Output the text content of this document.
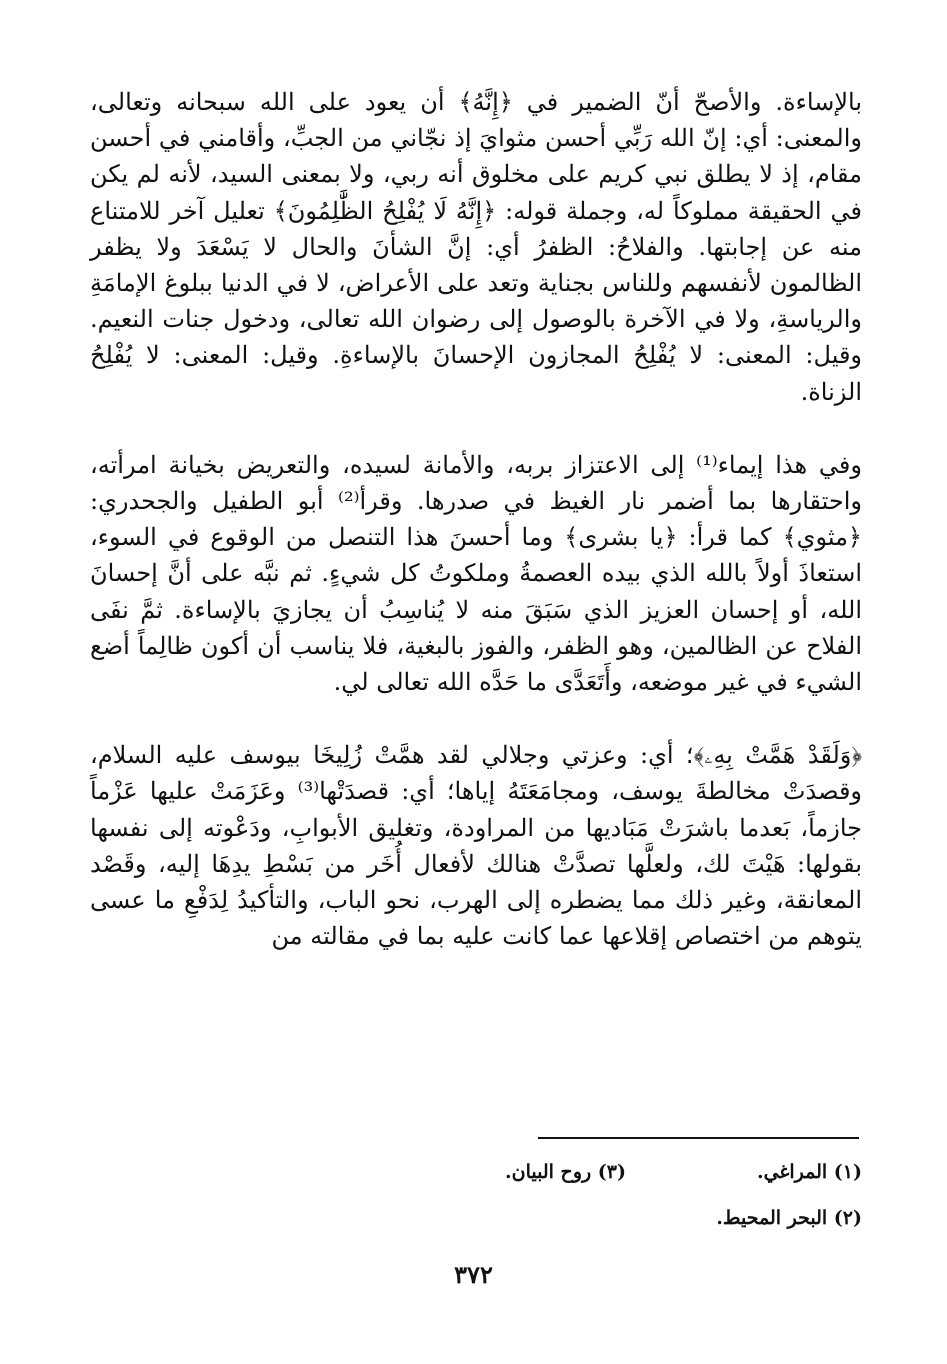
بالإساءة. والأصحّ أنّ الضمير في ﴿إِنَّهُ﴾ أن يعود على الله سبحانه وتعالى، والمعنى: أي: إنّ الله رَبِّي أحسن مثوايَ إذ نجّاني من الجبِّ، وأقامني في أحسن مقام، إذ لا يطلق نبي كريم على مخلوق أنه ربي، ولا بمعنى السيد، لأنه لم يكن في الحقيقة مملوكاً له، وجملة قوله: ﴿إِنَّهُ لَا يُفْلِحُ الظَّٰلِمُونَ﴾ تعليل آخر للامتناع منه عن إجابتها. والفلاحُ: الظفرُ أي: إنَّ الشأنَ والحال لا يَسْعَدَ ولا يظفر الظالمون لأنفسهم وللناس بجناية وتعد على الأعراض، لا في الدنيا ببلوغ الإمامَةِ والرياسةِ، ولا في الآخرة بالوصول إلى رضوان الله تعالى، ودخول جنات النعيم. وقيل: المعنى: لا يُفْلِحُ المجازون الإحسانَ بالإساءةِ. وقيل: المعنى: لا يُفْلِحُ الزناة.

وفي هذا إيماء⁽¹⁾ إلى الاعتزاز بربه، والأمانة لسيده، والتعريض بخيانة امرأته، واحتقارها بما أضمر نار الغيظ في صدرها. وقرأ⁽²⁾ أبو الطفيل والجحدري: ﴿مثوي﴾ كما قرأ: ﴿يا بشرى﴾ وما أحسنَ هذا التنصل من الوقوع في السوء، استعاذَ أولاً بالله الذي بيده العصمةُ وملكوتُ كل شيءٍ. ثم نبَّه على أنَّ إحسانَ الله، أو إحسان العزيز الذي سَبَقَ منه لا يُناسِبُ أن يجازيَ بالإساءة. ثمَّ نفَى الفلاح عن الظالمين، وهو الظفر، والفوز بالبغية، فلا يناسب أن أكون ظالِماً أضع الشيء في غير موضعه، وأَتَعَدَّى ما حَدَّه الله تعالى لي.

﴿وَلَقَدْ هَمَّتْ بِهِۦ﴾؛ أي: وعزتي وجلالي لقد همَّتْ زُلِيخَا بيوسف عليه السلام، وقصدَتْ مخالطةَ يوسف، ومجامَعَتَهُ إياها؛ أي: قصدَتْها⁽³⁾ وعَزَمَتْ عليها عَزْماً جازماً، بَعدما باشرَتْ مَبَاديها من المراودة، وتغليق الأبوابِ، ودَعْوته إلى نفسها بقولها: هَيْتَ لك، ولعلَّها تصدَّتْ هنالك لأفعال أُخَر من بَسْطِ يدِهَا إليه، وقَصْد المعانقة، وغير ذلك مما يضطره إلى الهرب، نحو الباب، والتأكيدُ لِدَفْعِ ما عسى يتوهم من اختصاص إقلاعها عما كانت عليه بما في مقالته من

(١) المراغي.
(٣) روح البيان.
(٢) البحر المحيط.
٣٧٢
